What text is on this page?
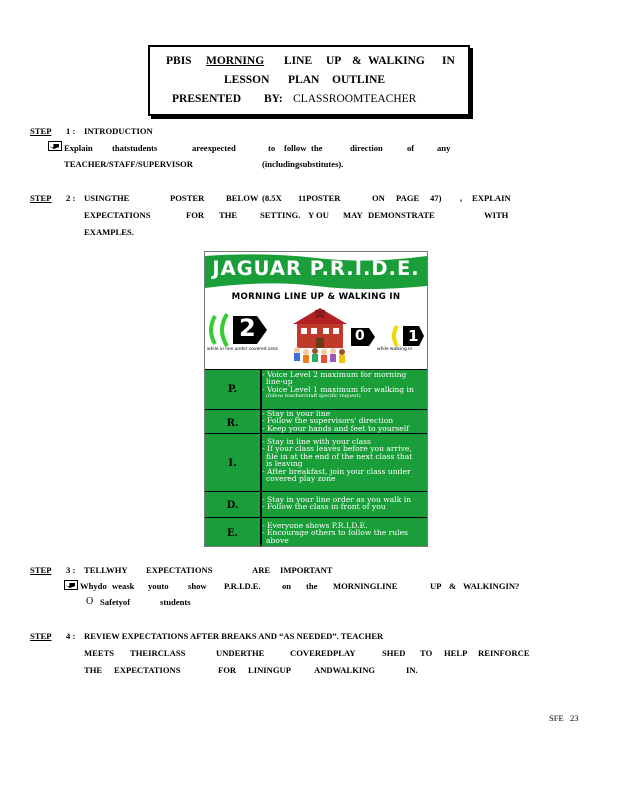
PBIS MORNING LINE UP & WALKING IN
LESSON PLAN OUTLINE
PRESENTED BY: CLASSROOMTEACHER
STEP 1 : INTRODUCTION
Explain thatstudents	areexpected	to follow the	direction	of	any
TEACHER/STAFF/SUPERVISOR	(includingsubstitutes).
STEP 2 : USINGTHE	POSTER	BELOW (8.5X 11POSTER	ON PAGE 47) , EXPLAIN
EXPECTATIONS	FOR THE	SETTING. Y OU MAY DEMONSTRATE	WITH
EXAMPLES.
JAGUAR P.R.I.D.E.
MORNING LINE UP & WALKING IN
2	0	1
while in line under covered area	while walking in
P.
- Voice Level 2 maximum for morning
line-up
- Voice Level 1 maximum for walking in
(follow teacher/staff specific request)
R.
- Stay in your line
- Follow the supervisors' direction
- Keep your hands and feet to yourself
I.
- Stay in line with your class
- If your class leaves before you arrive,
file in at the end of the next class that
is leaving
- After breakfast, join your class under
covered play zone
D.
- Stay in your line order as you walk in
- Follow the class in front of you
E.
- Everyone shows P.R.I.D.E.
- Encourage others to follow the rules
above
STEP 3 : TELLWHY EXPECTATIONS	ARE IMPORTANT
Whydo weask youto show P.R.I.D.E. on the MORNINGLINE	UP & WALKINGIN?
O Safetyof	students
STEP 4 : REVIEW EXPECTATIONS AFTER BREAKS AND “AS NEEDED”. TEACHER
MEETS THEIRCLASS	UNDERTHE	COVEREDPLAY	SHED TO HELP REINFORCE
THE EXPECTATIONS	FOR LININGUP	ANDWALKING	IN.
SFE 23
